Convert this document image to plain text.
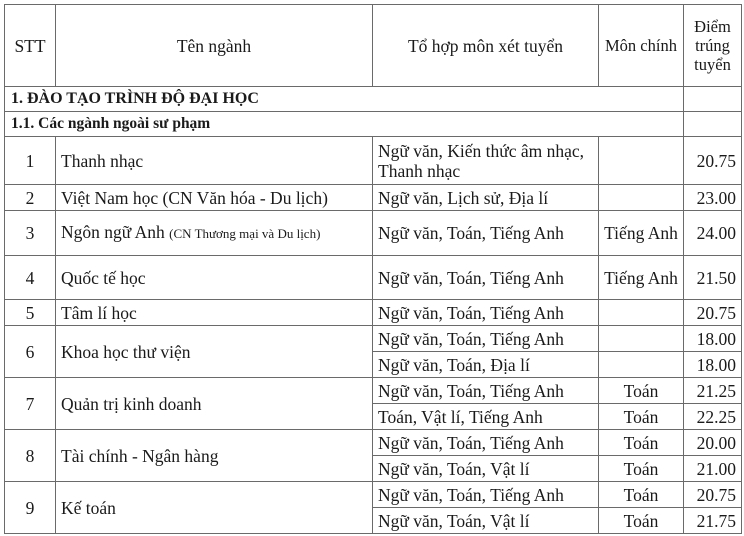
STT	Tên ngành	Tổ hợp môn xét tuyển	Môn chính	Điểm trúng tuyển
1. ĐÀO TẠO TRÌNH ĐỘ ĐẠI HỌC				
1.1. Các ngành ngoài sư phạm				
1	Thanh nhạc	Ngữ văn, Kiến thức âm nhạc, Thanh nhạc		20.75
2	Việt Nam học (CN Văn hóa - Du lịch)	Ngữ văn, Lịch sử, Địa lí		23.00
3	Ngôn ngữ Anh (CN Thương mại và Du lịch)	Ngữ văn, Toán, Tiếng Anh	Tiếng Anh	24.00
4	Quốc tế học	Ngữ văn, Toán, Tiếng Anh	Tiếng Anh	21.50
5	Tâm lí học	Ngữ văn, Toán, Tiếng Anh		20.75
6	Khoa học thư viện	Ngữ văn, Toán, Tiếng Anh		18.00
		Ngữ văn, Toán, Địa lí		18.00
7	Quản trị kinh doanh	Ngữ văn, Toán, Tiếng Anh	Toán	21.25
		Toán, Vật lí, Tiếng Anh	Toán	22.25
8	Tài chính - Ngân hàng	Ngữ văn, Toán, Tiếng Anh	Toán	20.00
		Ngữ văn, Toán, Vật lí	Toán	21.00
9	Kế toán	Ngữ văn, Toán, Tiếng Anh	Toán	20.75
		Ngữ văn, Toán, Vật lí	Toán	21.75
